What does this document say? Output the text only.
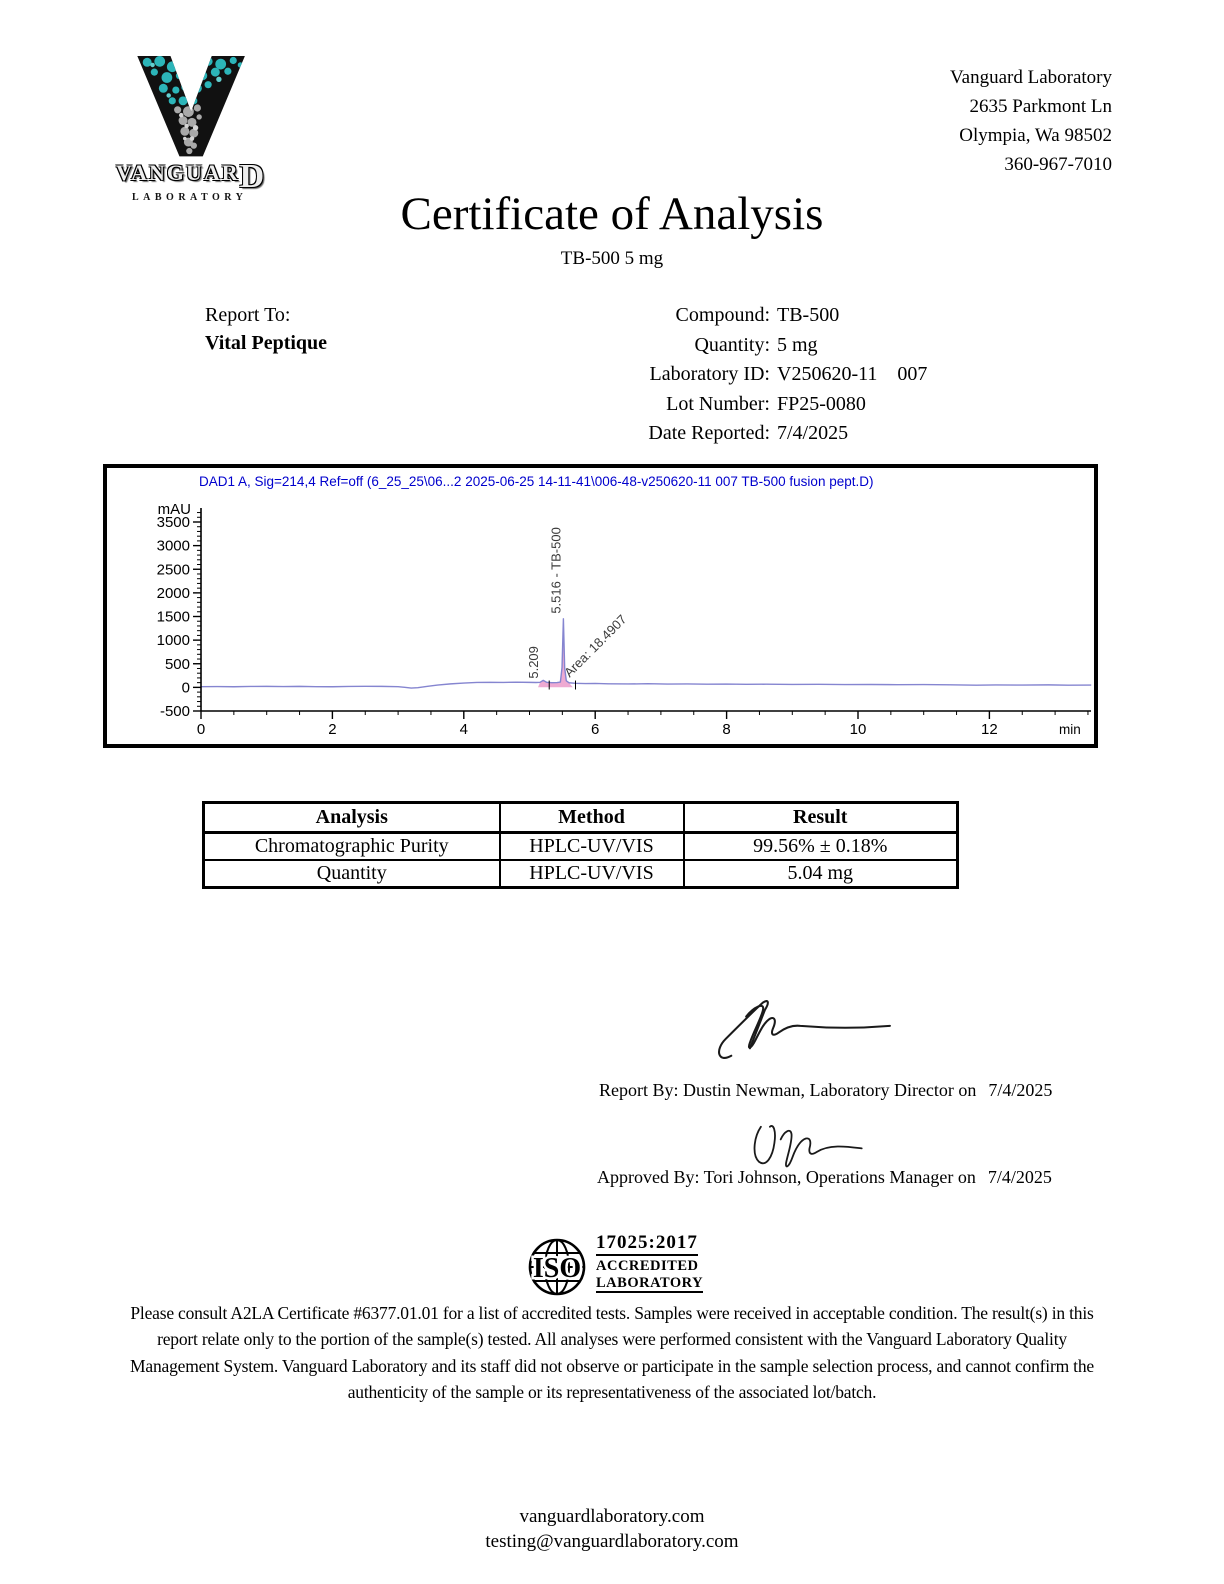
VANGUARD
LABORATORY
Vanguard Laboratory
2635 Parkmont Ln
Olympia, Wa 98502
360-967-7010
Certificate of Analysis
TB-500 5 mg
Report To:
Vital Peptique
Compound: TB-500
Quantity: 5 mg
Laboratory ID: V250620-11    007
Lot Number: FP25-0080
Date Reported: 7/4/2025
-500
0
500
1000
1500
2000
2500
3000
3500
0	2	4	6	8	10	12
mAU
min
5.209
5.516 - TB-500
Area: 18.4907
DAD1 A, Sig=214,4 Ref=off (6_25_25\06...2 2025-06-25 14-11-41\006-48-v250620-11 007 TB-500 fusion pept.D)
Analysis	Method	Result
Chromatographic Purity	HPLC-UV/VIS	99.56% ± 0.18%
Quantity	HPLC-UV/VIS	5.04 mg
Report By: Dustin Newman, Laboratory Director on 7/4/2025
Approved By: Tori Johnson, Operations Manager on 7/4/2025
ISO
17025:2017
ACCREDITED
LABORATORY
Please consult A2LA Certificate #6377.01.01 for a list of accredited tests. Samples were received in acceptable condition. The result(s) in this
report relate only to the portion of the sample(s) tested. All analyses were performed consistent with the Vanguard Laboratory Quality
Management System. Vanguard Laboratory and its staff did not observe or participate in the sample selection process, and cannot confirm the
authenticity of the sample or its representativeness of the associated lot/batch.
vanguardlaboratory.com
testing@vanguardlaboratory.com
